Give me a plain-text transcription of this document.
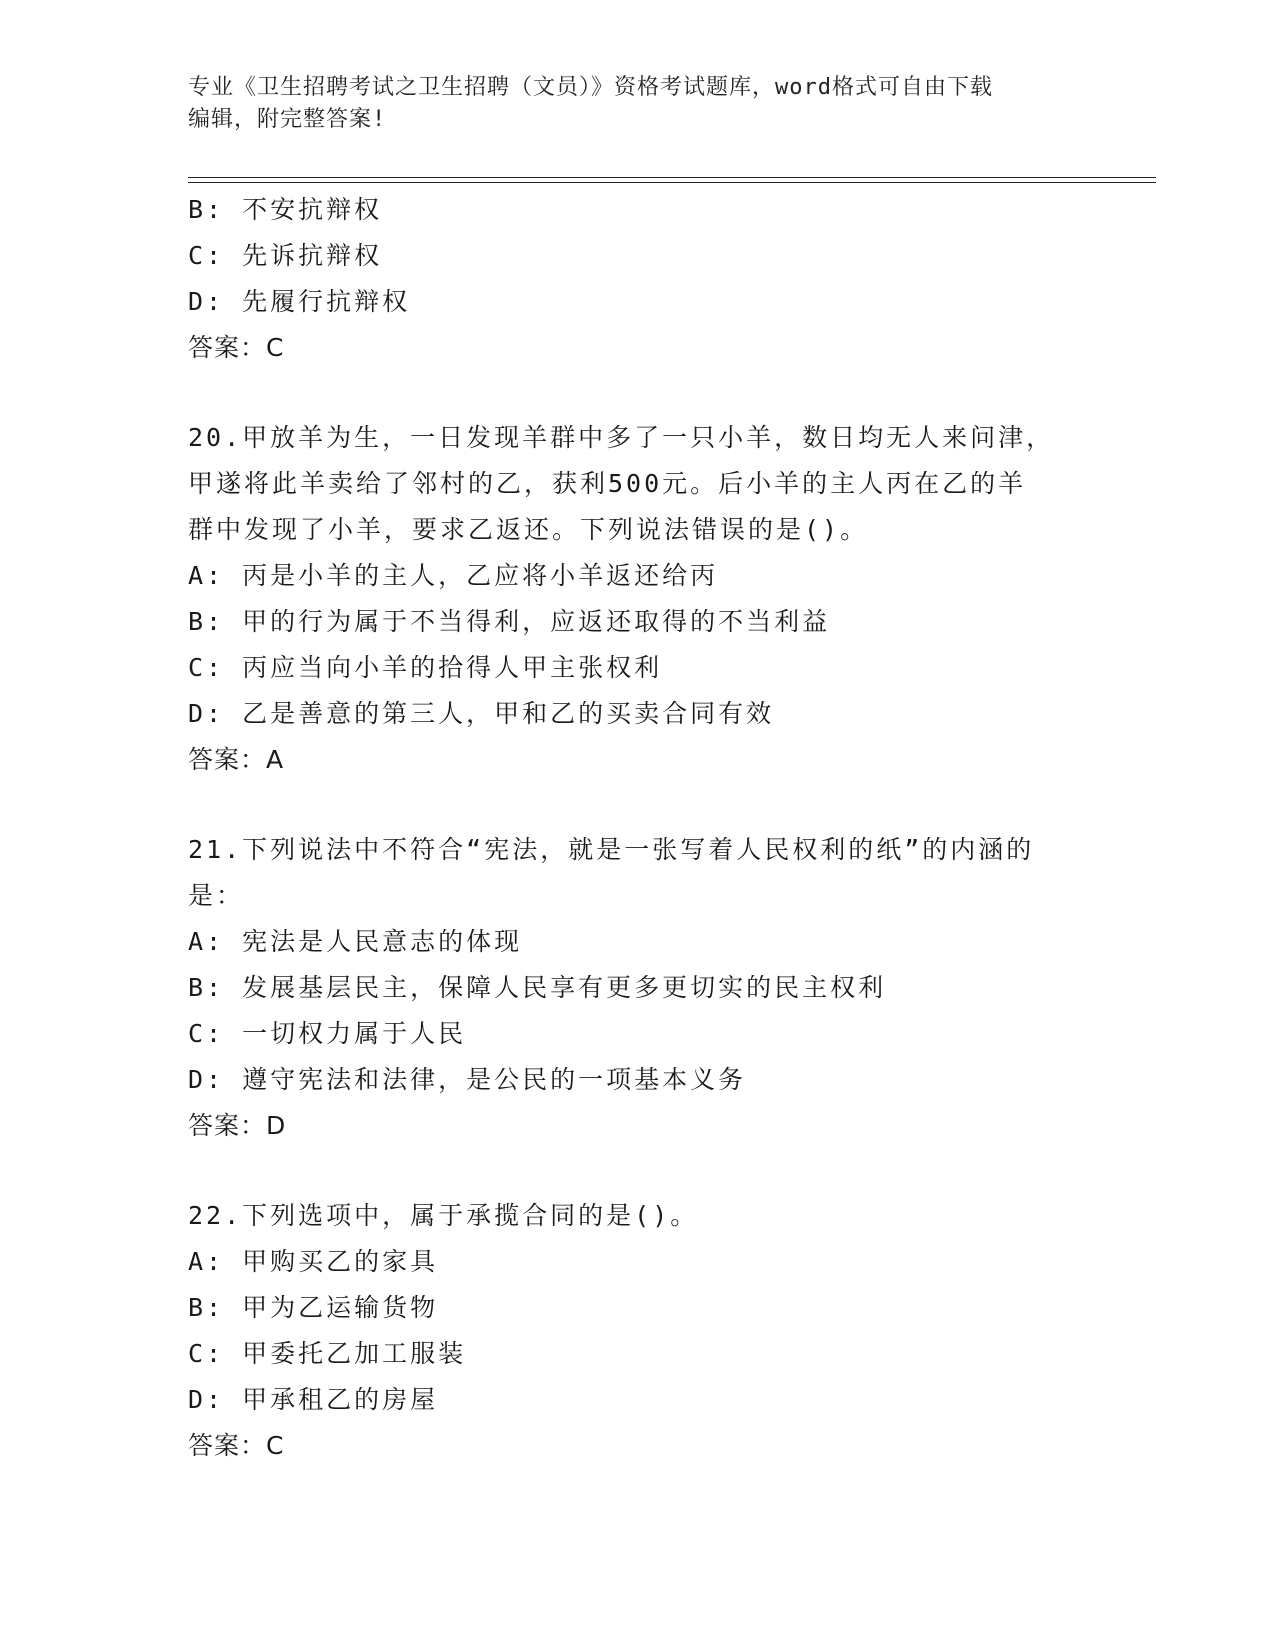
专业《卫生招聘考试之卫生招聘（文员）》资格考试题库，word格式可自由下载
编辑，附完整答案!
B: 不安抗辩权
C: 先诉抗辩权
D: 先履行抗辩权
答案：C
20.甲放羊为生，一日发现羊群中多了一只小羊，数日均无人来问津，
甲遂将此羊卖给了邻村的乙，获利500元。后小羊的主人丙在乙的羊
群中发现了小羊，要求乙返还。下列说法错误的是()。
A: 丙是小羊的主人，乙应将小羊返还给丙
B: 甲的行为属于不当得利，应返还取得的不当利益
C: 丙应当向小羊的拾得人甲主张权利
D: 乙是善意的第三人，甲和乙的买卖合同有效
答案：A
21.下列说法中不符合“宪法，就是一张写着人民权利的纸”的内涵的
是：
A: 宪法是人民意志的体现
B: 发展基层民主，保障人民享有更多更切实的民主权利
C: 一切权力属于人民
D: 遵守宪法和法律，是公民的一项基本义务
答案：D
22.下列选项中，属于承揽合同的是()。
A: 甲购买乙的家具
B: 甲为乙运输货物
C: 甲委托乙加工服装
D: 甲承租乙的房屋
答案：C
